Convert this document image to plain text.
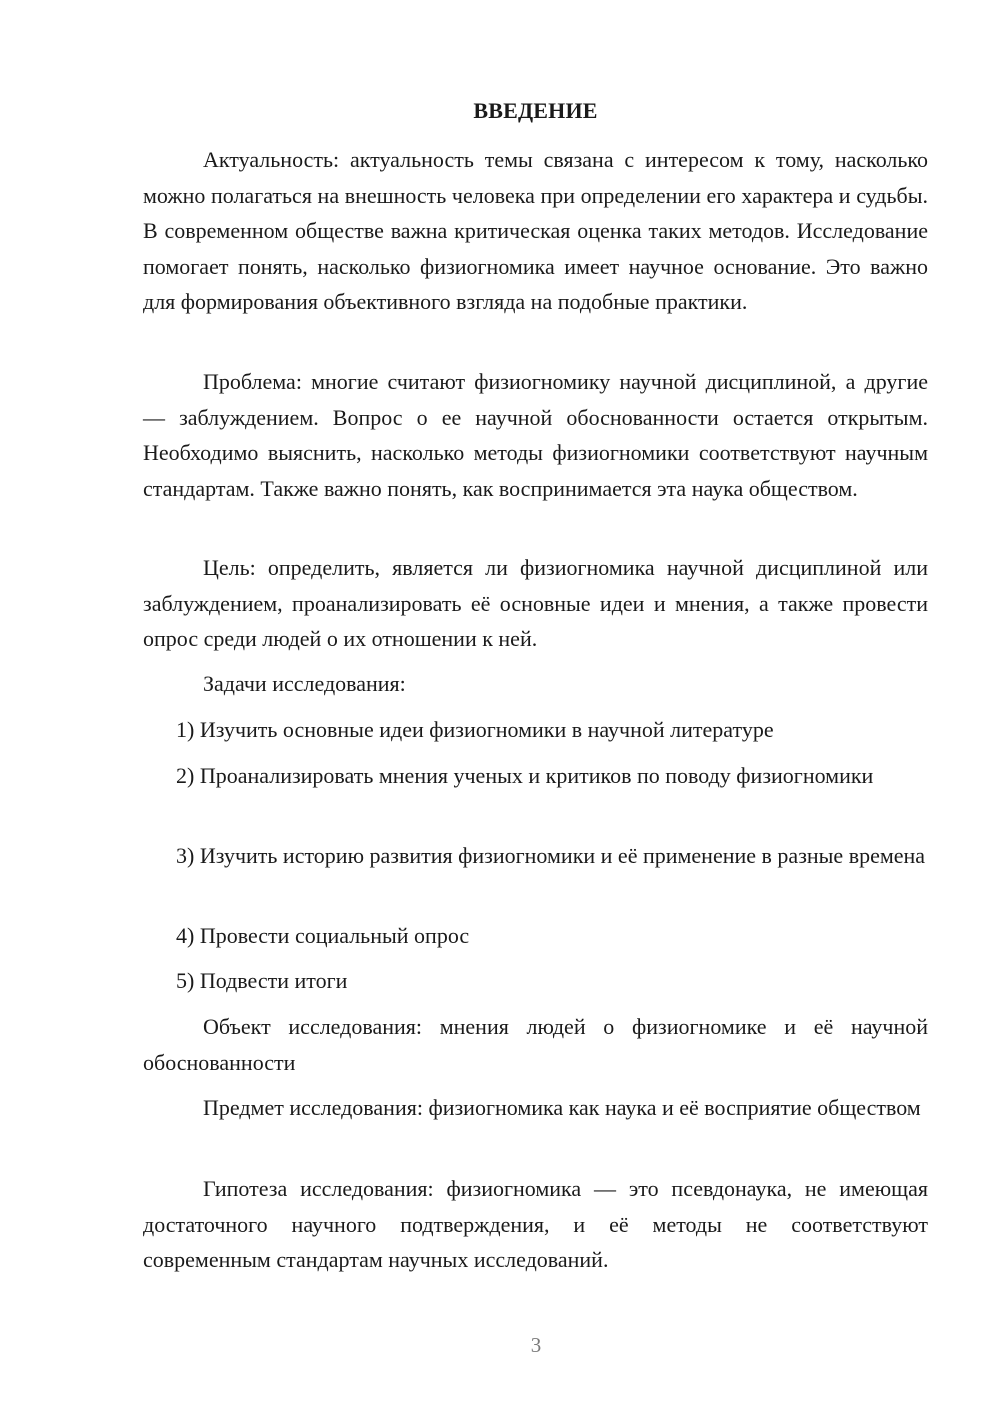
ВВЕДЕНИЕ
Актуальность: актуальность темы связана с интересом к тому, насколько можно полагаться на внешность человека при определении его характера и судьбы. В современном обществе важна критическая оценка таких методов. Исследование помогает понять, насколько физиогномика имеет научное основание. Это важно для формирования объективного взгляда на подобные практики.
Проблема: многие считают физиогномику научной дисциплиной, а другие — заблуждением. Вопрос о ее научной обоснованности остается открытым. Необходимо выяснить, насколько методы физиогномики соответствуют научным стандартам. Также важно понять, как воспринимается эта наука обществом.
Цель: определить, является ли физиогномика научной дисциплиной или заблуждением, проанализировать её основные идеи и мнения, а также провести опрос среди людей о их отношении к ней.
Задачи исследования:
1) Изучить основные идеи физиогномики в научной литературе
2) Проанализировать мнения ученых и критиков по поводу физиогномики
3) Изучить историю развития физиогномики и её применение в разные времена
4) Провести социальный опрос
5) Подвести итоги
Объект исследования: мнения людей о физиогномике и её научной обоснованности
Предмет исследования: физиогномика как наука и её восприятие обществом
Гипотеза исследования: физиогномика — это псевдонаука, не имеющая достаточного научного подтверждения, и её методы не соответствуют современным стандартам научных исследований.
3
